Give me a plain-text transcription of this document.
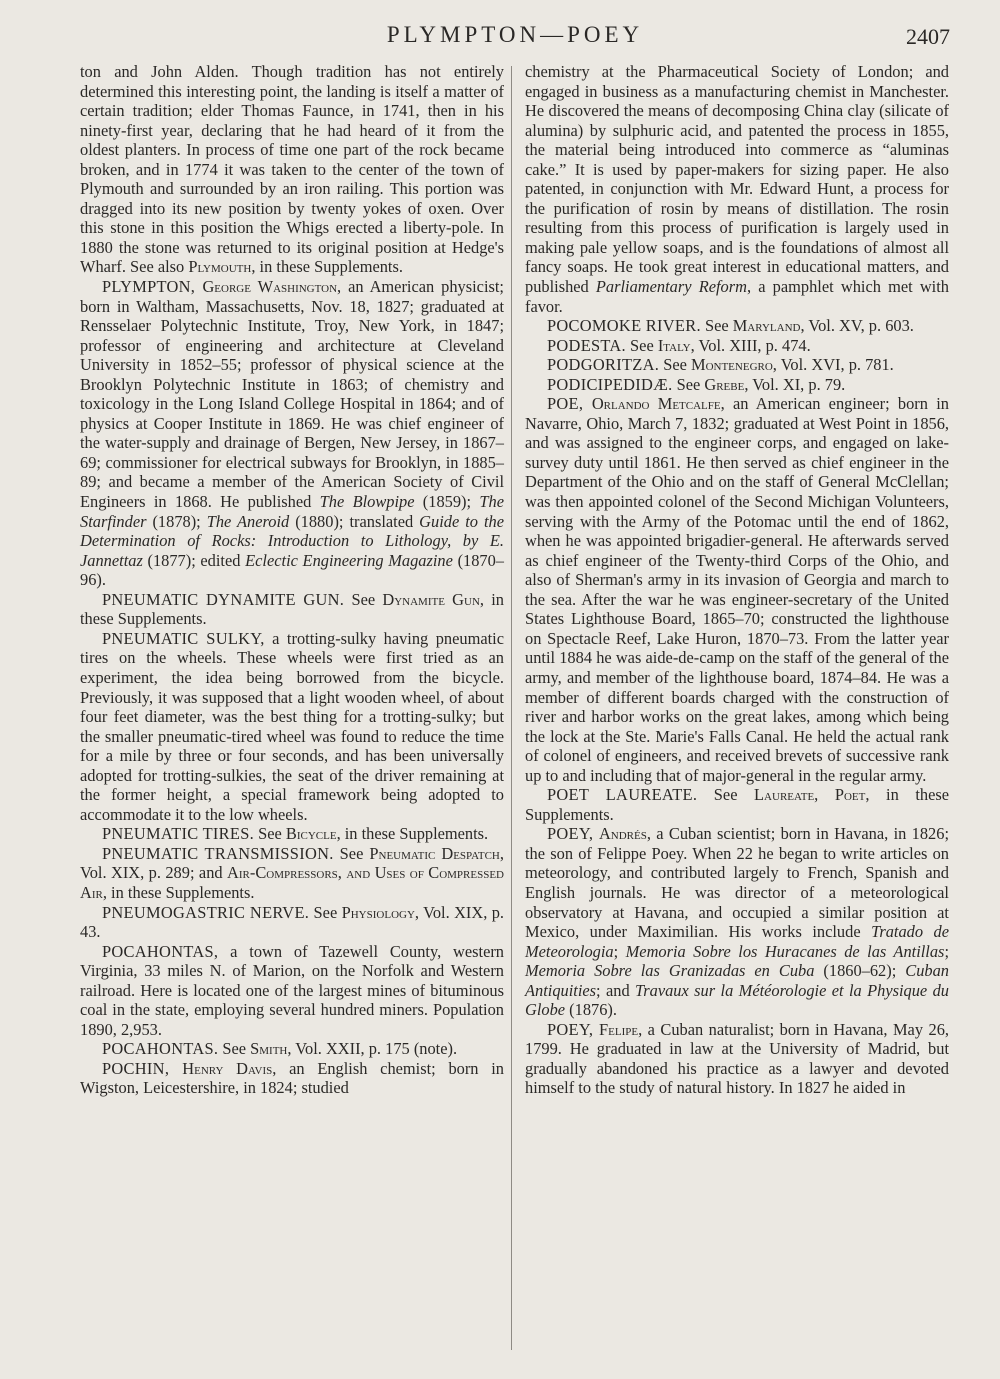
PLYMPTON—POEY	2407

ton and John Alden. Though tradition has not entirely determined this interesting point, the landing is itself a matter of certain tradition; elder Thomas Faunce, in 1741, then in his ninety-first year, declaring that he had heard of it from the oldest planters. In process of time one part of the rock became broken, and in 1774 it was taken to the center of the town of Plymouth and surrounded by an iron railing. This portion was dragged into its new position by twenty yokes of oxen. Over this stone in this position the Whigs erected a liberty-pole. In 1880 the stone was returned to its original position at Hedge's Wharf. See also Plymouth, in these Supplements.

PLYMPTON, George Washington, an American physicist; born in Waltham, Massachusetts, Nov. 18, 1827; graduated at Rensselaer Polytechnic Institute, Troy, New York, in 1847; professor of engineering and architecture at Cleveland University in 1852–55; professor of physical science at the Brooklyn Polytechnic Institute in 1863; of chemistry and toxicology in the Long Island College Hospital in 1864; and of physics at Cooper Institute in 1869. He was chief engineer of the water-supply and drainage of Bergen, New Jersey, in 1867–69; commissioner for electrical subways for Brooklyn, in 1885–89; and became a member of the American Society of Civil Engineers in 1868. He published The Blowpipe (1859); The Starfinder (1878); The Aneroid (1880); translated Guide to the Determination of Rocks: Introduction to Lithology, by E. Jannettaz (1877); edited Eclectic Engineering Magazine (1870–96).

PNEUMATIC DYNAMITE GUN. See Dynamite Gun, in these Supplements.

PNEUMATIC SULKY, a trotting-sulky having pneumatic tires on the wheels. These wheels were first tried as an experiment, the idea being borrowed from the bicycle. Previously, it was supposed that a light wooden wheel, of about four feet diameter, was the best thing for a trotting-sulky; but the smaller pneumatic-tired wheel was found to reduce the time for a mile by three or four seconds, and has been universally adopted for trotting-sulkies, the seat of the driver remaining at the former height, a special framework being adopted to accommodate it to the low wheels.

PNEUMATIC TIRES. See Bicycle, in these Supplements.

PNEUMATIC TRANSMISSION. See Pneumatic Despatch, Vol. XIX, p. 289; and Air-Compressors, and Uses of Compressed Air, in these Supplements.

PNEUMOGASTRIC NERVE. See Physiology, Vol. XIX, p. 43.

POCAHONTAS, a town of Tazewell County, western Virginia, 33 miles N. of Marion, on the Norfolk and Western railroad. Here is located one of the largest mines of bituminous coal in the state, employing several hundred miners. Population 1890, 2,953.

POCAHONTAS. See Smith, Vol. XXII, p. 175 (note).

POCHIN, Henry Davis, an English chemist; born in Wigston, Leicestershire, in 1824; studied

chemistry at the Pharmaceutical Society of London; and engaged in business as a manufacturing chemist in Manchester. He discovered the means of decomposing China clay (silicate of alumina) by sulphuric acid, and patented the process in 1855, the material being introduced into commerce as “aluminas cake.” It is used by paper-makers for sizing paper. He also patented, in conjunction with Mr. Edward Hunt, a process for the purification of rosin by means of distillation. The rosin resulting from this process of purification is largely used in making pale yellow soaps, and is the foundations of almost all fancy soaps. He took great interest in educational matters, and published Parliamentary Reform, a pamphlet which met with favor.

POCOMOKE RIVER. See Maryland, Vol. XV, p. 603.

PODESTA. See Italy, Vol. XIII, p. 474.

PODGORITZA. See Montenegro, Vol. XVI, p. 781.

PODICIPEDIDÆ. See Grebe, Vol. XI, p. 79.

POE, Orlando Metcalfe, an American engineer; born in Navarre, Ohio, March 7, 1832; graduated at West Point in 1856, and was assigned to the engineer corps, and engaged on lake-survey duty until 1861. He then served as chief engineer in the Department of the Ohio and on the staff of General McClellan; was then appointed colonel of the Second Michigan Volunteers, serving with the Army of the Potomac until the end of 1862, when he was appointed brigadier-general. He afterwards served as chief engineer of the Twenty-third Corps of the Ohio, and also of Sherman's army in its invasion of Georgia and march to the sea. After the war he was engineer-secretary of the United States Lighthouse Board, 1865–70; constructed the lighthouse on Spectacle Reef, Lake Huron, 1870–73. From the latter year until 1884 he was aide-de-camp on the staff of the general of the army, and member of the lighthouse board, 1874–84. He was a member of different boards charged with the construction of river and harbor works on the great lakes, among which being the lock at the Ste. Marie's Falls Canal. He held the actual rank of colonel of engineers, and received brevets of successive rank up to and including that of major-general in the regular army.

POET LAUREATE. See Laureate, Poet, in these Supplements.

POEY, Andrés, a Cuban scientist; born in Havana, in 1826; the son of Felippe Poey. When 22 he began to write articles on meteorology, and contributed largely to French, Spanish and English journals. He was director of a meteorological observatory at Havana, and occupied a similar position at Mexico, under Maximilian. His works include Tratado de Meteorologia; Memoria Sobre los Huracanes de las Antillas; Memoria Sobre las Granizadas en Cuba (1860–62); Cuban Antiquities; and Travaux sur la Météorologie et la Physique du Globe (1876).

POEY, Felipe, a Cuban naturalist; born in Havana, May 26, 1799. He graduated in law at the University of Madrid, but gradually abandoned his practice as a lawyer and devoted himself to the study of natural history. In 1827 he aided in
